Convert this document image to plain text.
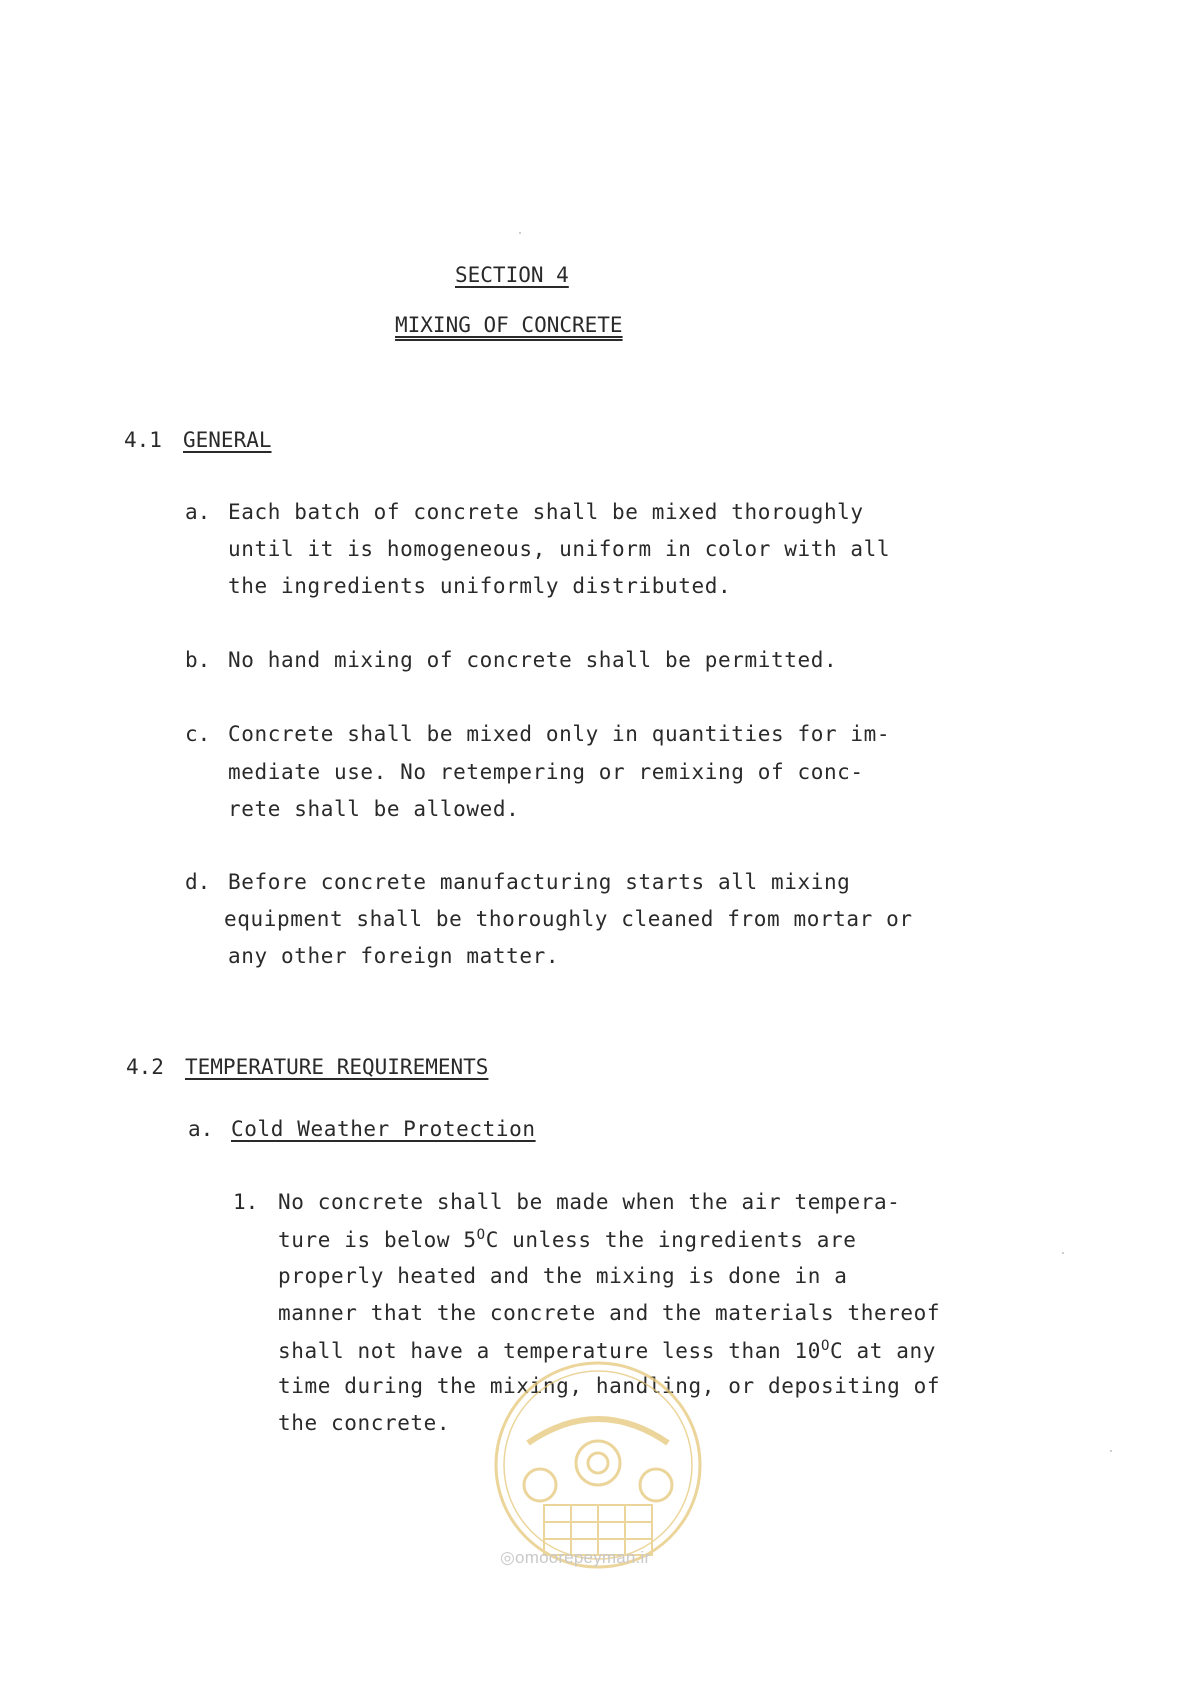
SECTION 4
MIXING OF CONCRETE
4.1 GENERAL
a. Each batch of concrete shall be mixed thoroughly
until it is homogeneous, uniform in color with all
the ingredients uniformly distributed.
b. No hand mixing of concrete shall be permitted.
c. Concrete shall be mixed only in quantities for im-
mediate use. No retempering or remixing of conc-
rete shall be allowed.
d. Before concrete manufacturing starts all mixing
equipment shall be thoroughly cleaned from mortar or
any other foreign matter.
4.2 TEMPERATURE REQUIREMENTS
a. Cold Weather Protection
1. No concrete shall be made when the air tempera-
ture is below $5^OC$ unless the ingredients are
properly heated and the mixing is done in a
manner that the concrete and the materials thereof
shall not have a temperature less than $10^OC$ at any
time during the mixing, handling, or depositing of
the concrete.
◎omoorepeyman.ir
